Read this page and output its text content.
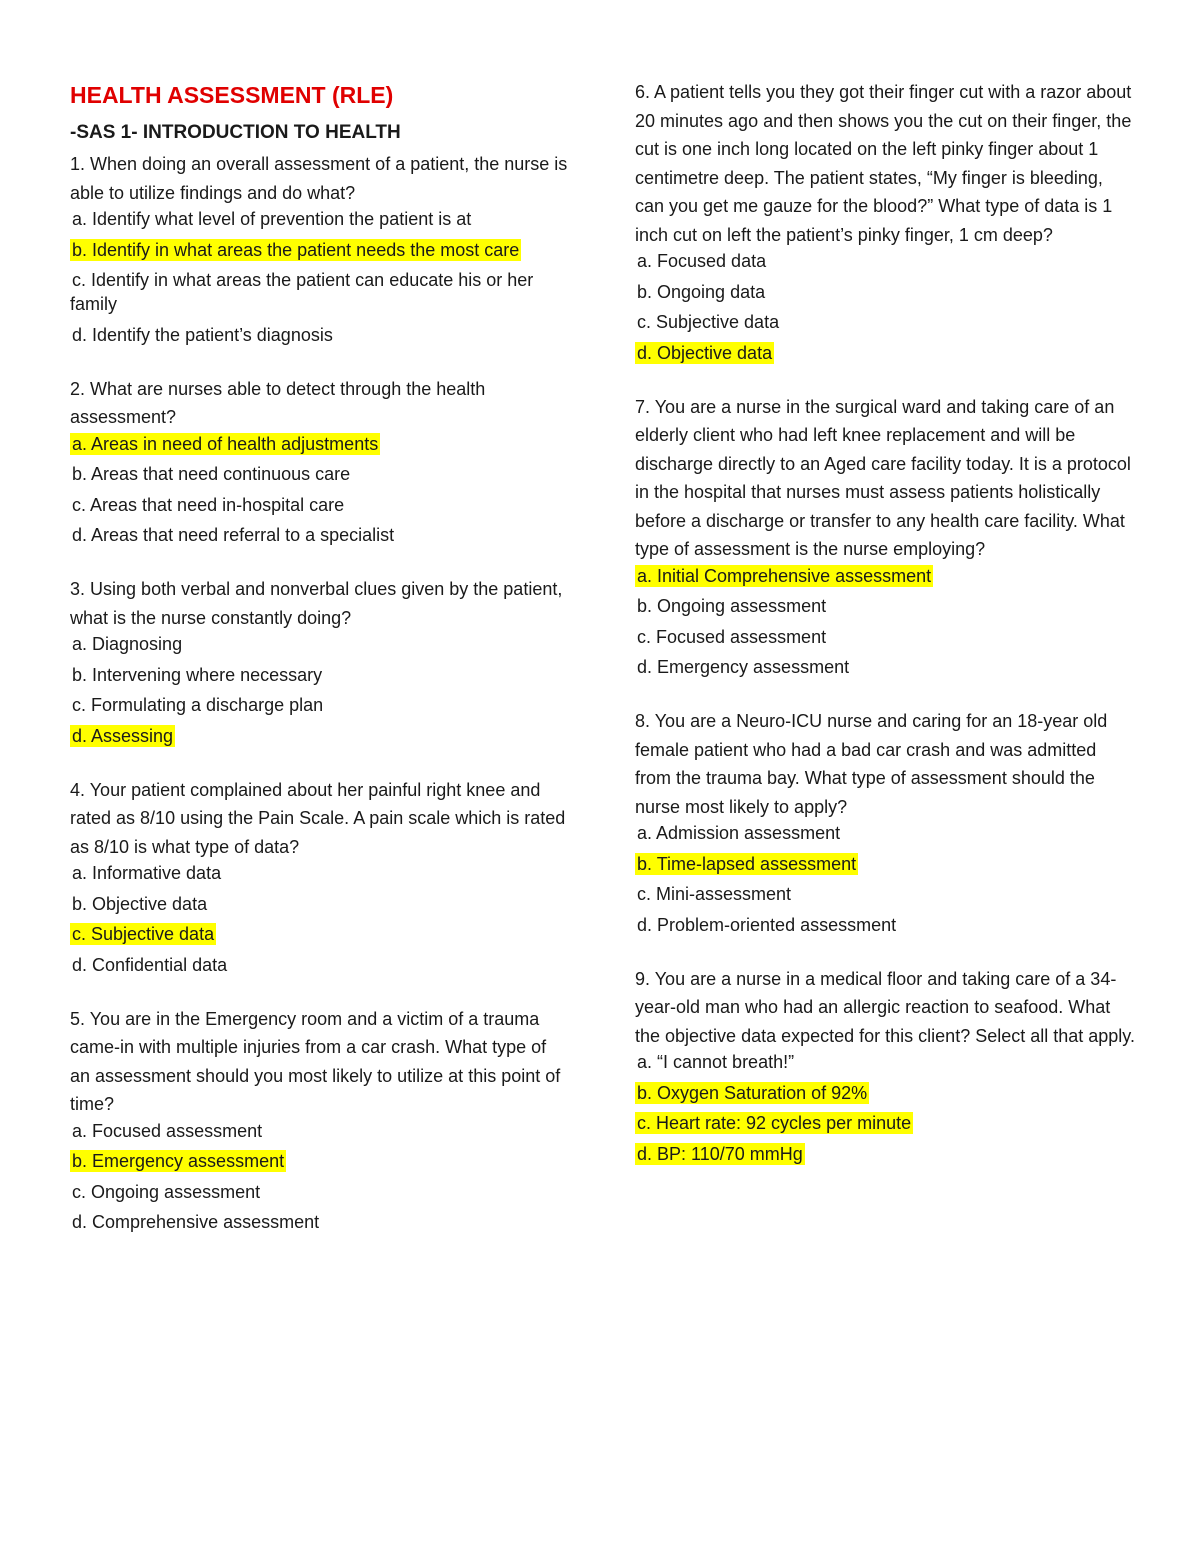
HEALTH ASSESSMENT (RLE)
-SAS 1- INTRODUCTION TO HEALTH

1. When doing an overall assessment of a patient, the nurse is able to utilize findings and do what?

a. Identify what level of prevention the patient is at

b. Identify in what areas the patient needs the most care

c. Identify in what areas the patient can educate his or her family

d. Identify the patient’s diagnosis

2. What are nurses able to detect through the health assessment?

a. Areas in need of health adjustments

b. Areas that need continuous care

c. Areas that need in-hospital care

d. Areas that need referral to a specialist

3. Using both verbal and nonverbal clues given by the patient, what is the nurse constantly doing?

a. Diagnosing

b. Intervening where necessary

c. Formulating a discharge plan

d. Assessing

4. Your patient complained about her painful right knee and rated as 8/10 using the Pain Scale. A pain scale which is rated as 8/10 is what type of data?

a. Informative data

b. Objective data

c. Subjective data

d. Confidential data

5. You are in the Emergency room and a victim of a trauma came-in with multiple injuries from a car crash. What type of an assessment should you most likely to utilize at this point of time?

a. Focused assessment

b. Emergency assessment

c. Ongoing assessment

d. Comprehensive assessment

6. A patient tells you they got their finger cut with a razor about 20 minutes ago and then shows you the cut on their finger, the cut is one inch long located on the left pinky finger about 1 centimetre deep. The patient states, “My finger is bleeding, can you get me gauze for the blood?” What type of data is 1 inch cut on left the patient’s pinky finger, 1 cm deep?

a. Focused data

b. Ongoing data

c. Subjective data

d. Objective data

7. You are a nurse in the surgical ward and taking care of an elderly client who had left knee replacement and will be discharge directly to an Aged care facility today. It is a protocol in the hospital that nurses must assess patients holistically before a discharge or transfer to any health care facility. What type of assessment is the nurse employing?

a. Initial Comprehensive assessment

b. Ongoing assessment

c. Focused assessment

d. Emergency assessment

8. You are a Neuro-ICU nurse and caring for an 18-year old female patient who had a bad car crash and was admitted from the trauma bay. What type of assessment should the nurse most likely to apply?

a. Admission assessment

b. Time-lapsed assessment

c. Mini-assessment

d. Problem-oriented assessment

9. You are a nurse in a medical floor and taking care of a 34-year-old man who had an allergic reaction to seafood. What the objective data expected for this client? Select all that apply.

a. “I cannot breath!”

b. Oxygen Saturation of 92%

c. Heart rate: 92 cycles per minute

d. BP: 110/70 mmHg
